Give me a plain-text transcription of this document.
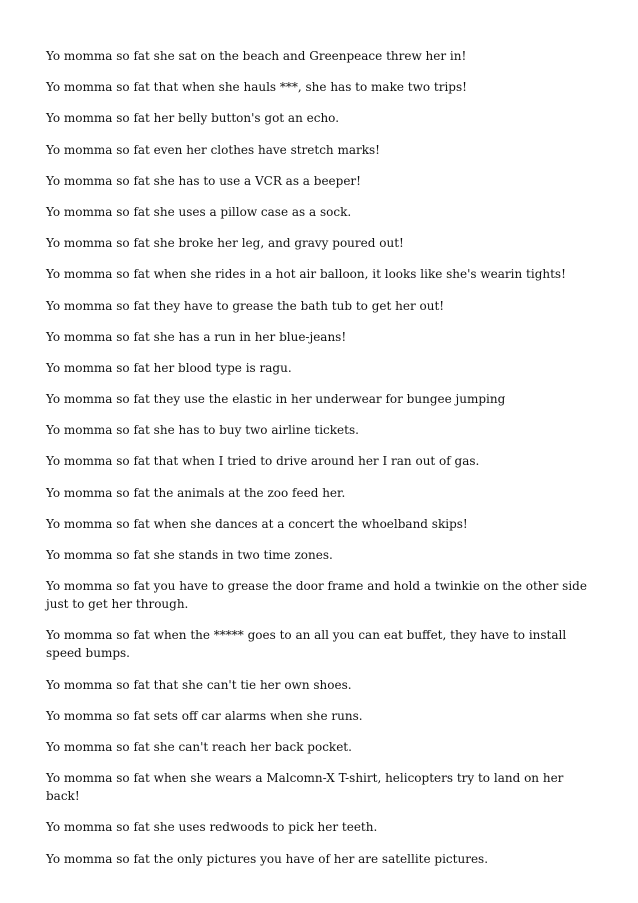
Yo momma so fat she sat on the beach and Greenpeace threw her in!

Yo momma so fat that when she hauls ***, she has to make two trips!

Yo momma so fat her belly button's got an echo.

Yo momma so fat even her clothes have stretch marks!

Yo momma so fat she has to use a VCR as a beeper!

Yo momma so fat she uses a pillow case as a sock.

Yo momma so fat she broke her leg, and gravy poured out!

Yo momma so fat when she rides in a hot air balloon, it looks like she's wearin tights!

Yo momma so fat they have to grease the bath tub to get her out!

Yo momma so fat she has a run in her blue-jeans!

Yo momma so fat her blood type is ragu.

Yo momma so fat they use the elastic in her underwear for bungee jumping

Yo momma so fat she has to buy two airline tickets.

Yo momma so fat that when I tried to drive around her I ran out of gas.

Yo momma so fat the animals at the zoo feed her.

Yo momma so fat when she dances at a concert the whoelband skips!

Yo momma so fat she stands in two time zones.

Yo momma so fat you have to grease the door frame and hold a twinkie on the other side just to get her through.

Yo momma so fat when the ***** goes to an all you can eat buffet, they have to install speed bumps.

Yo momma so fat that she can't tie her own shoes.

Yo momma so fat sets off car alarms when she runs.

Yo momma so fat she can't reach her back pocket.

Yo momma so fat when she wears a Malcomn-X T-shirt, helicopters try to land on her back!

Yo momma so fat she uses redwoods to pick her teeth.

Yo momma so fat the only pictures you have of her are satellite pictures.
